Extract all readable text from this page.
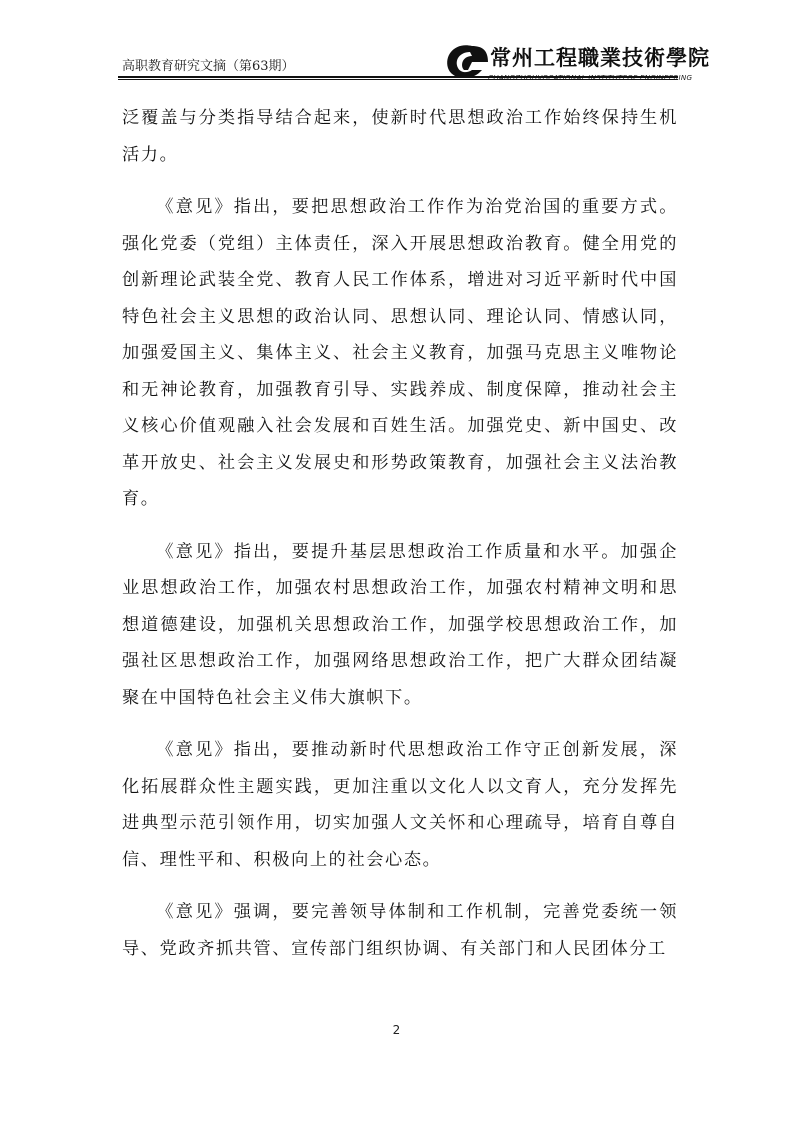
高职教育研究文摘（第63期）	常州工程職業技術學院
CHANGZHOUVOCATIONAL INSTITUTEOF ENGINEERING

泛覆盖与分类指导结合起来，使新时代思想政治工作始终保持生机活力。

《意见》指出，要把思想政治工作作为治党治国的重要方式。强化党委（党组）主体责任，深入开展思想政治教育。健全用党的创新理论武装全党、教育人民工作体系，增进对习近平新时代中国特色社会主义思想的政治认同、思想认同、理论认同、情感认同，加强爱国主义、集体主义、社会主义教育，加强马克思主义唯物论和无神论教育，加强教育引导、实践养成、制度保障，推动社会主义核心价值观融入社会发展和百姓生活。加强党史、新中国史、改革开放史、社会主义发展史和形势政策教育，加强社会主义法治教育。

《意见》指出，要提升基层思想政治工作质量和水平。加强企业思想政治工作，加强农村思想政治工作，加强农村精神文明和思想道德建设，加强机关思想政治工作，加强学校思想政治工作，加强社区思想政治工作，加强网络思想政治工作，把广大群众团结凝聚在中国特色社会主义伟大旗帜下。

《意见》指出，要推动新时代思想政治工作守正创新发展，深化拓展群众性主题实践，更加注重以文化人以文育人，充分发挥先进典型示范引领作用，切实加强人文关怀和心理疏导，培育自尊自信、理性平和、积极向上的社会心态。

《意见》强调，要完善领导体制和工作机制，完善党委统一领导、党政齐抓共管、宣传部门组织协调、有关部门和人民团体分工

2
